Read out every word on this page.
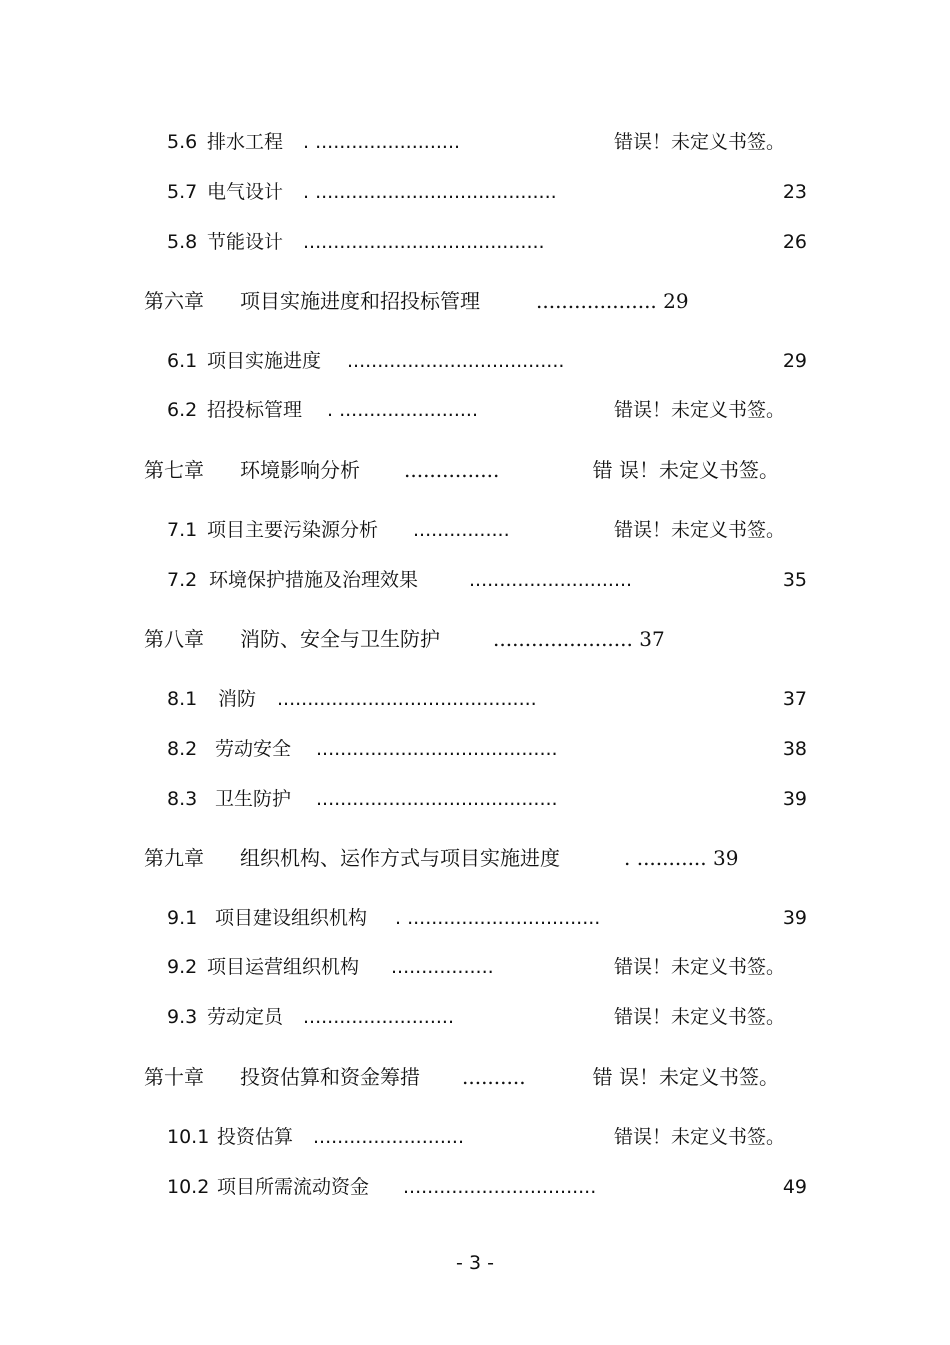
5.6 排水工程 . ........................	错误！未定义书签。
5.7 电气设计 . ........................................	23
5.8 节能设计 ........................................	26
第六章 项目实施进度和招投标管理	................... 29
6.1 项目实施进度 ....................................	29
6.2 招投标管理 . .......................	错误！未定义书签。
第七章 环境影响分析 ...............	错 误！未定义书签。
7.1 项目主要污染源分析 ................	错误！未定义书签。
7.2 环境保护措施及治理效果	...........................	35
第八章 消防、安全与卫生防护	...................... 37
8.1 消防 ...........................................	37
8.2 劳动安全 ........................................	38
8.3 卫生防护 ........................................	39
第九章 组织机构、运作方式与项目实施进度	. ........... 39
9.1 项目建设组织机构 . ................................	39
9.2 项目运营组织机构 .................	错误！未定义书签。
9.3 劳动定员 .........................	错误！未定义书签。
第十章 投资估算和资金筹措 ..........	错 误！未定义书签。
10.1 投资估算 .........................	错误！未定义书签。
10.2 项目所需流动资金 ................................	49
- 3 -
